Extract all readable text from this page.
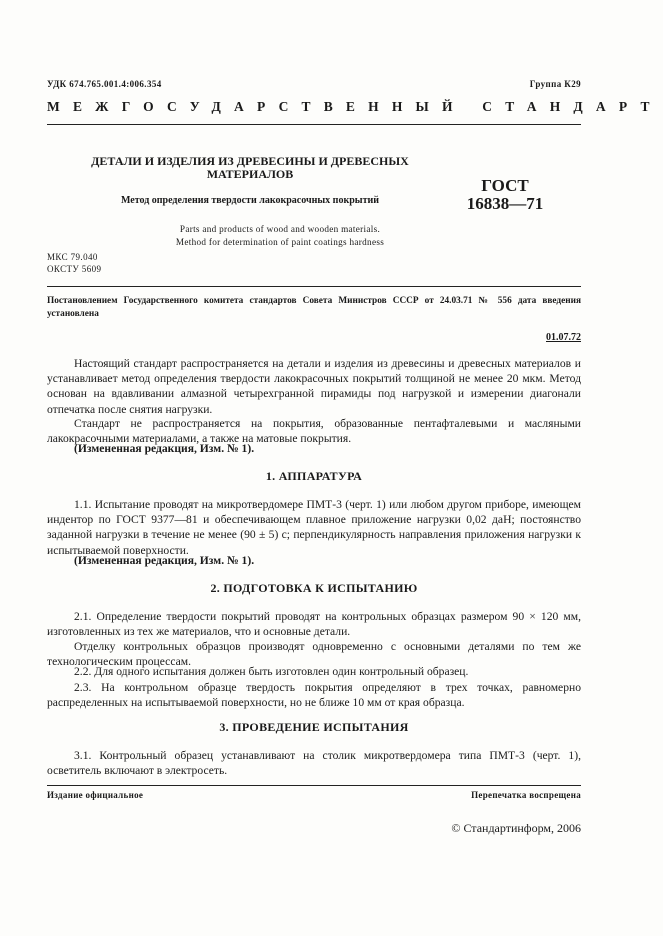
УДК 674.765.001.4:006.354	Группа К29
МЕЖГОСУДАРСТВЕННЫЙ СТАНДАРТ
ДЕТАЛИ И ИЗДЕЛИЯ ИЗ ДРЕВЕСИНЫ И ДРЕВЕСНЫХ МАТЕРИАЛОВ
Метод определения твердости лакокрасочных покрытий
Parts and products of wood and wooden materials.
Method for determination of paint coatings hardness
ГОСТ
16838—71
МКС 79.040
ОКСТУ 5609
Постановлением Государственного комитета стандартов Совета Министров СССР от 24.03.71 № 556 дата введения установлена
01.07.72
Настоящий стандарт распространяется на детали и изделия из древесины и древесных материалов и устанавливает метод определения твердости лакокрасочных покрытий толщиной не менее 20 мкм. Метод основан на вдавливании алмазной четырехгранной пирамиды под нагрузкой и измерении диагонали отпечатка после снятия нагрузки.
Стандарт не распространяется на покрытия, образованные пентафталевыми и масляными лакокрасочными материалами, а также на матовые покрытия.
(Измененная редакция, Изм. № 1).
1. АППАРАТУРА
1.1. Испытание проводят на микротвердомере ПМТ-3 (черт. 1) или любом другом приборе, имеющем индентор по ГОСТ 9377—81 и обеспечивающем плавное приложение нагрузки 0,02 даН; постоянство заданной нагрузки в течение не менее (90 ± 5) с; перпендикулярность направления приложения нагрузки к испытываемой поверхности.
(Измененная редакция, Изм. № 1).
2. ПОДГОТОВКА К ИСПЫТАНИЮ
2.1. Определение твердости покрытий проводят на контрольных образцах размером 90 × 120 мм, изготовленных из тех же материалов, что и основные детали.
Отделку контрольных образцов производят одновременно с основными деталями по тем же технологическим процессам.
2.2. Для одного испытания должен быть изготовлен один контрольный образец.
2.3. На контрольном образце твердость покрытия определяют в трех точках, равномерно распределенных на испытываемой поверхности, но не ближе 10 мм от края образца.
3. ПРОВЕДЕНИЕ ИСПЫТАНИЯ
3.1. Контрольный образец устанавливают на столик микротвердомера типа ПМТ-3 (черт. 1), осветитель включают в электросеть.
Издание официальное	Перепечатка воспрещена
© Стандартинформ, 2006
